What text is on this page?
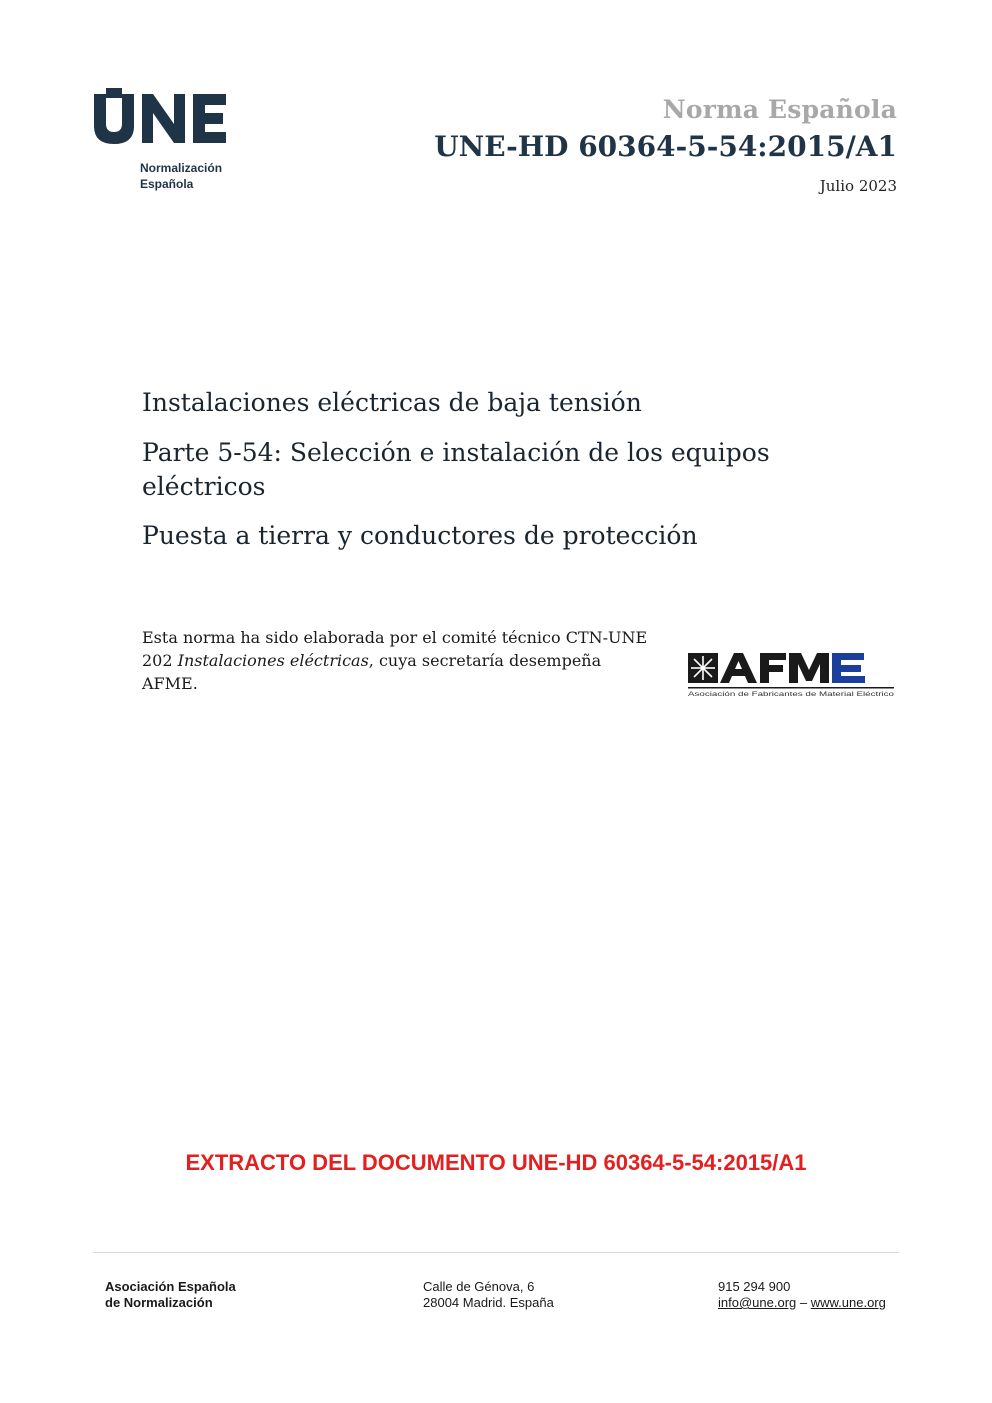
Normalización
Española
Norma Española
UNE-HD 60364-5-54:2015/A1
Julio 2023
Instalaciones eléctricas de baja tensión
Parte 5-54: Selección e instalación de los equipos eléctricos
Puesta a tierra y conductores de protección
Esta norma ha sido elaborada por el comité técnico CTN-UNE 202 Instalaciones eléctricas, cuya secretaría desempeña AFME.
Asociación de Fabricantes de Material Eléctrico
EXTRACTO DEL DOCUMENTO UNE-HD 60364-5-54:2015/A1
Asociación Española
de Normalización
Calle de Génova, 6
28004 Madrid. España
915 294 900
info@une.org – www.une.org
